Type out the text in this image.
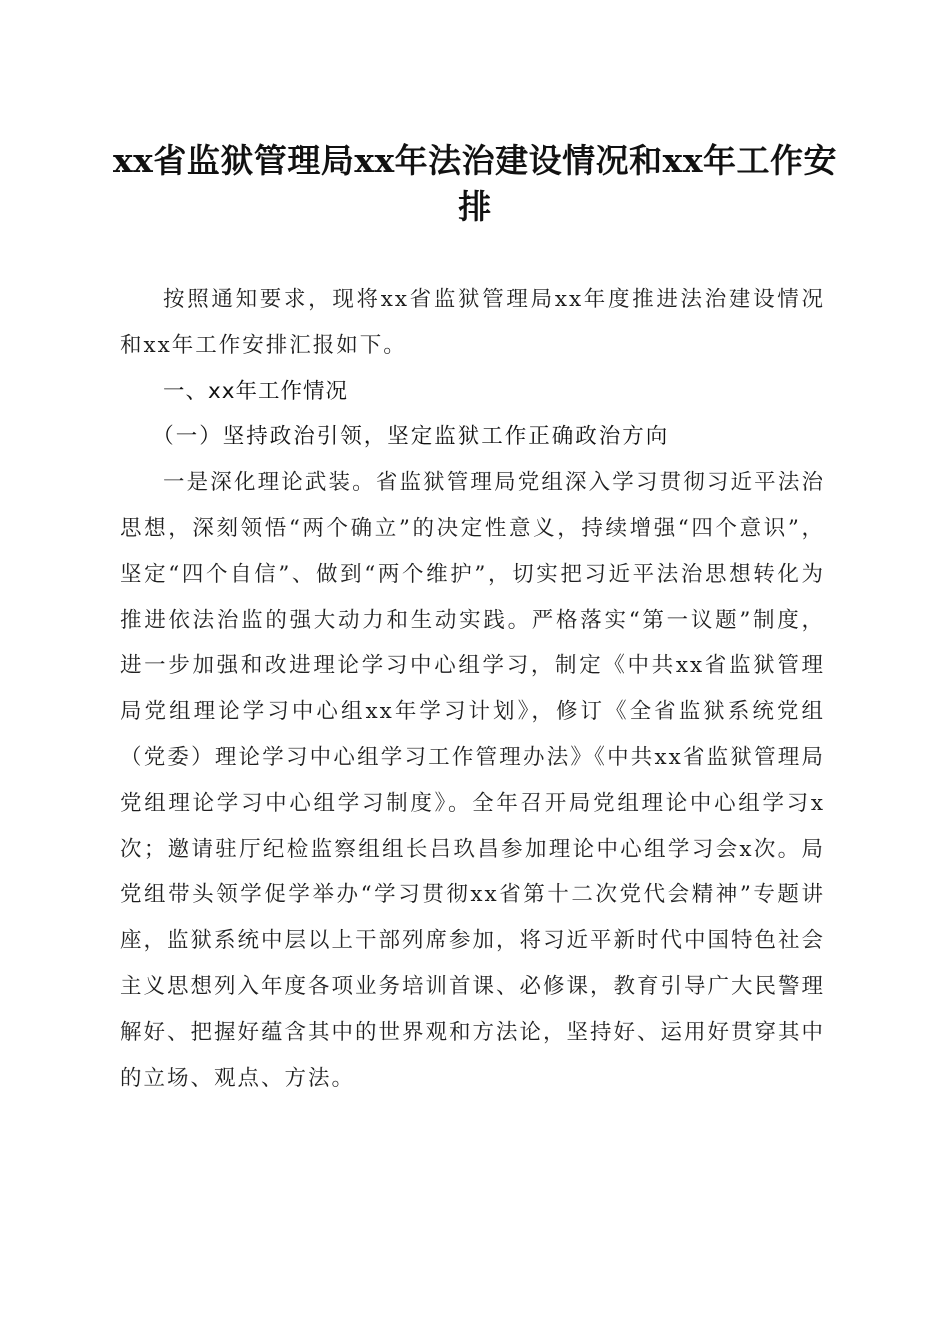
xx省监狱管理局xx年法治建设情况和xx年工作安排

按照通知要求，现将xx省监狱管理局xx年度推进法治建设情况和xx年工作安排汇报如下。

一、xx年工作情况

（一）坚持政治引领，坚定监狱工作正确政治方向

一是深化理论武装。省监狱管理局党组深入学习贯彻习近平法治思想，深刻领悟“两个确立”的决定性意义，持续增强“四个意识”，坚定“四个自信”、做到“两个维护”，切实把习近平法治思想转化为推进依法治监的强大动力和生动实践。严格落实“第一议题”制度，进一步加强和改进理论学习中心组学习，制定《中共xx省监狱管理局党组理论学习中心组xx年学习计划》，修订《全省监狱系统党组（党委）理论学习中心组学习工作管理办法》《中共xx省监狱管理局党组理论学习中心组学习制度》。全年召开局党组理论中心组学习x次；邀请驻厅纪检监察组组长吕玖昌参加理论中心组学习会x次。局党组带头领学促学举办“学习贯彻xx省第十二次党代会精神”专题讲座，监狱系统中层以上干部列席参加，将习近平新时代中国特色社会主义思想列入年度各项业务培训首课、必修课，教育引导广大民警理解好、把握好蕴含其中的世界观和方法论，坚持好、运用好贯穿其中的立场、观点、方法。
